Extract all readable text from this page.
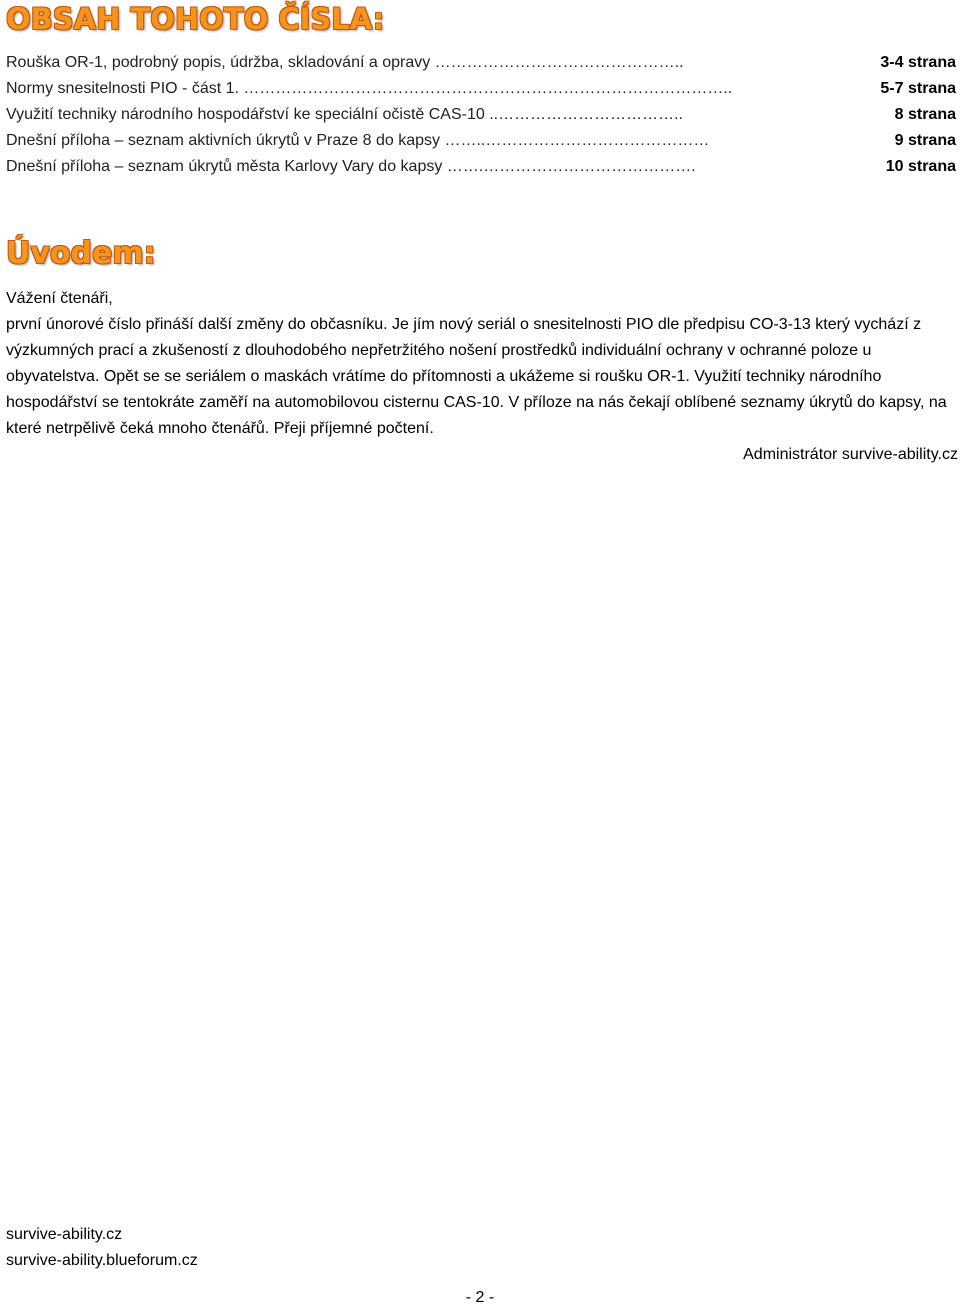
OBSAH TOHOTO ČÍSLA:
Rouška OR-1, podrobný popis, údržba, skladování a opravy ………………………………………..	3-4 strana
Normy snesitelnosti PIO - část 1. ………………………………………………………………………………..	5-7 strana
Využití techniky národního hospodářství ke speciální očistě CAS-10 ..……………………………..	8 strana
Dnešní příloha – seznam aktivních úkrytů v Praze 8 do kapsy ……..……………………………………	9 strana
Dnešní příloha – seznam úkrytů města Karlovy Vary do kapsy …….………………………………….	10 strana
Úvodem:
Vážení čtenáři,
první únorové číslo přináší další změny do občasníku. Je jím nový seriál o snesitelnosti PIO dle předpisu CO-3-13 který vychází z výzkumných prací a zkušeností z dlouhodobého nepřetržitého nošení prostředků individuální ochrany v ochranné poloze u obyvatelstva. Opět se se seriálem o maskách vrátíme do přítomnosti a ukážeme si roušku OR-1. Využití techniky národního hospodářství se tentokráte zaměří na automobilovou cisternu CAS-10. V příloze na nás čekají oblíbené seznamy úkrytů do kapsy, na které netrpělivě čeká mnoho čtenářů. Přeji příjemné počtení.
Administrátor survive-ability.cz
survive-ability.cz
survive-ability.blueforum.cz
- 2 -
